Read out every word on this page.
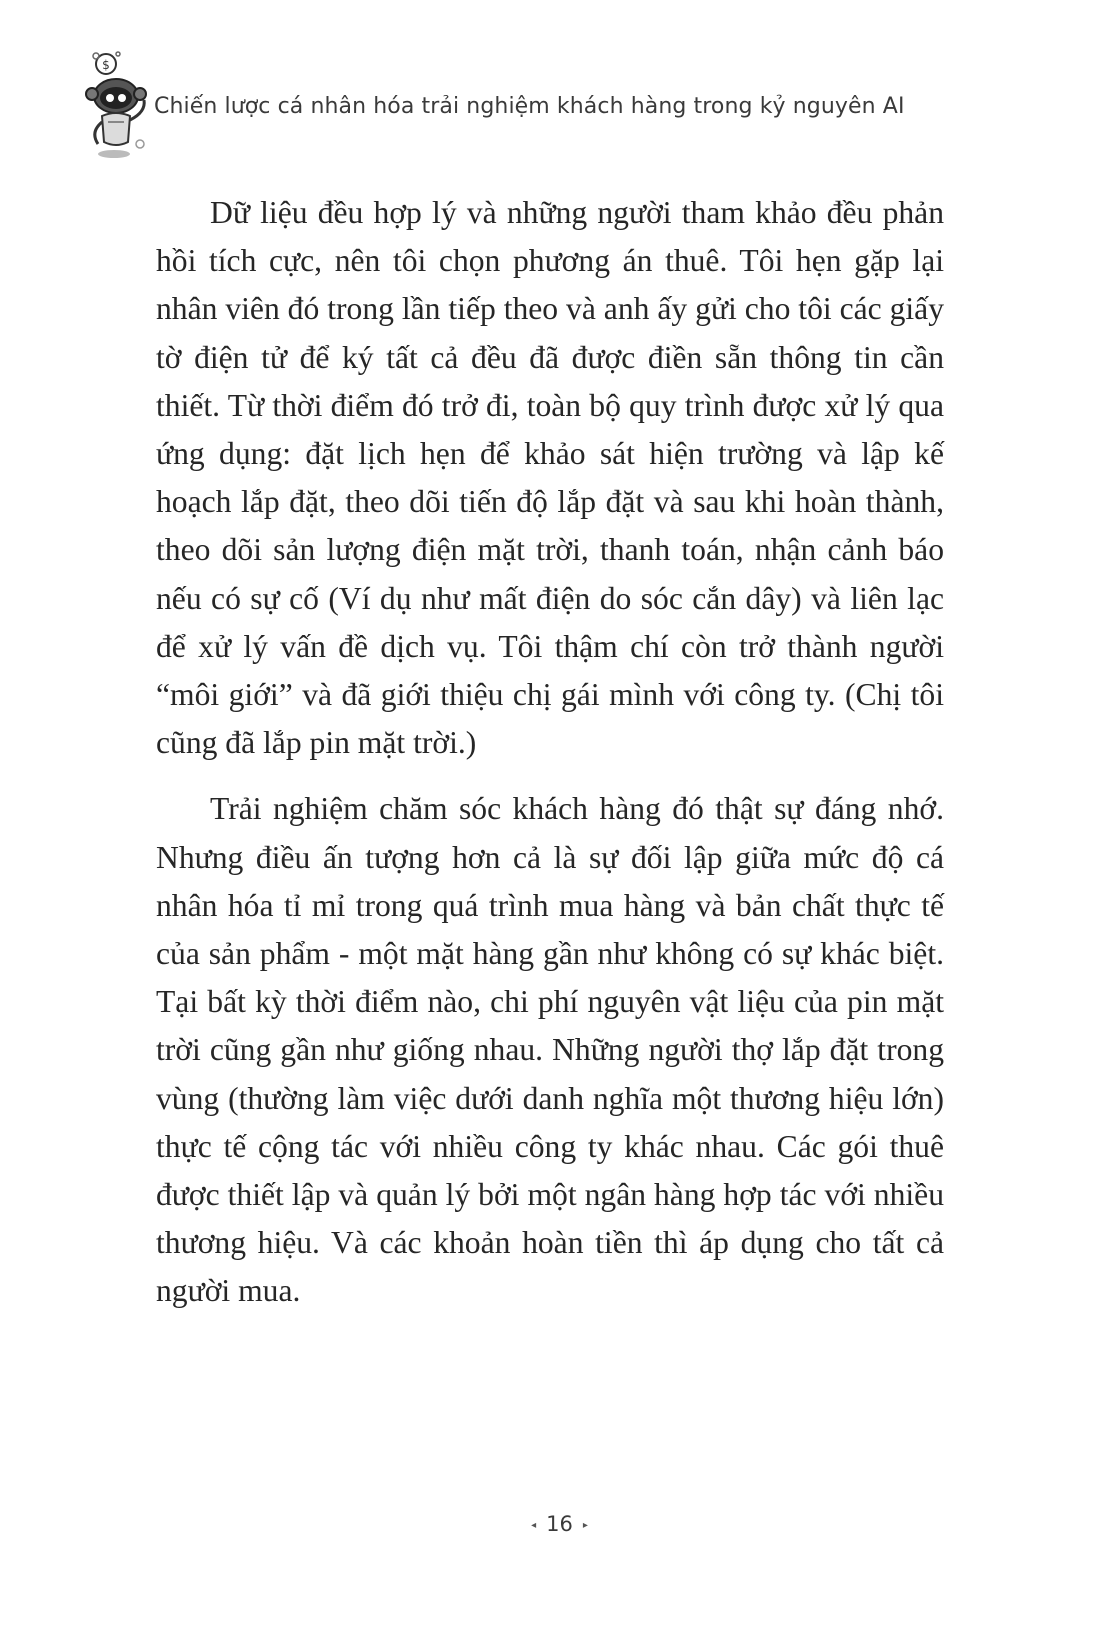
$
Chiến lược cá nhân hóa trải nghiệm khách hàng trong kỷ nguyên AI

Dữ liệu đều hợp lý và những người tham khảo đều phản hồi tích cực, nên tôi chọn phương án thuê. Tôi hẹn gặp lại nhân viên đó trong lần tiếp theo và anh ấy gửi cho tôi các giấy tờ điện tử để ký tất cả đều đã được điền sẵn thông tin cần thiết. Từ thời điểm đó trở đi, toàn bộ quy trình được xử lý qua ứng dụng: đặt lịch hẹn để khảo sát hiện trường và lập kế hoạch lắp đặt, theo dõi tiến độ lắp đặt và sau khi hoàn thành, theo dõi sản lượng điện mặt trời, thanh toán, nhận cảnh báo nếu có sự cố (Ví dụ như mất điện do sóc cắn dây) và liên lạc để xử lý vấn đề dịch vụ. Tôi thậm chí còn trở thành người “môi giới” và đã giới thiệu chị gái mình với công ty. (Chị tôi cũng đã lắp pin mặt trời.)

Trải nghiệm chăm sóc khách hàng đó thật sự đáng nhớ. Nhưng điều ấn tượng hơn cả là sự đối lập giữa mức độ cá nhân hóa tỉ mỉ trong quá trình mua hàng và bản chất thực tế của sản phẩm - một mặt hàng gần như không có sự khác biệt. Tại bất kỳ thời điểm nào, chi phí nguyên vật liệu của pin mặt trời cũng gần như giống nhau. Những người thợ lắp đặt trong vùng (thường làm việc dưới danh nghĩa một thương hiệu lớn) thực tế cộng tác với nhiều công ty khác nhau. Các gói thuê được thiết lập và quản lý bởi một ngân hàng hợp tác với nhiều thương hiệu. Và các khoản hoàn tiền thì áp dụng cho tất cả người mua.

◂ 16 ▸
